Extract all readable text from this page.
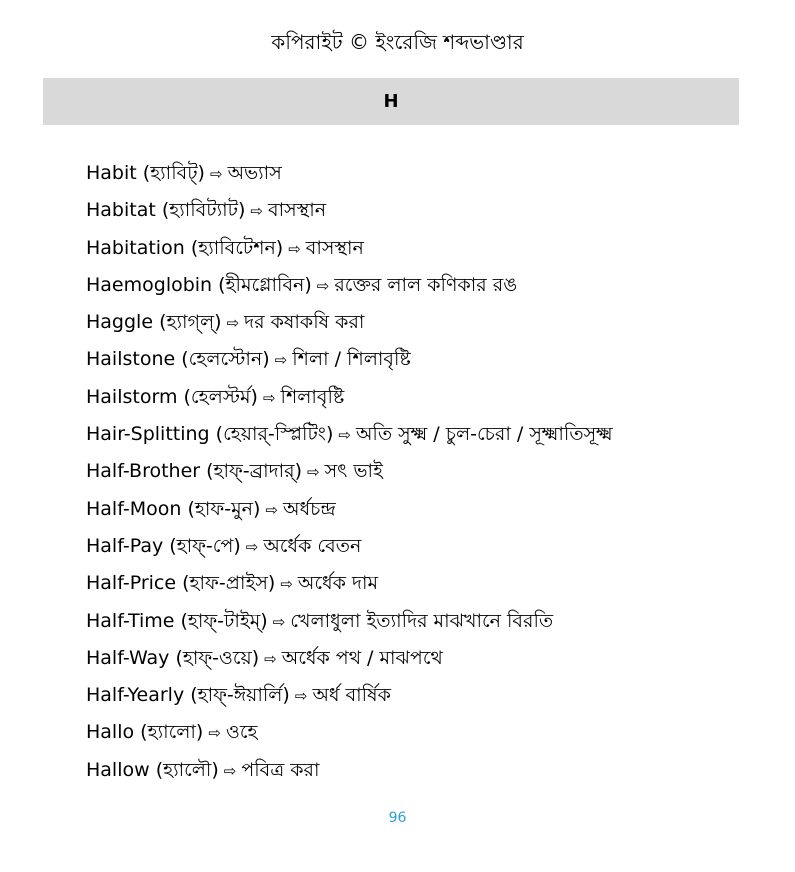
কপিরাইট © ইংরেজি শব্দভাণ্ডার
H
Habit (হ্যাবিট্) ⇨ অভ্যাস
Habitat (হ্যাবিট্যাট) ⇨ বাসস্থান
Habitation (হ্যাবিটেশন) ⇨ বাসস্থান
Haemoglobin (হীমগ্লোবিন) ⇨ রক্তের লাল কণিকার রঙ
Haggle (হ্যাগ্ল্) ⇨ দর কষাকষি করা
Hailstone (হেলস্টোন) ⇨ শিলা / শিলাবৃষ্টি
Hailstorm (হেলস্টর্ম) ⇨ শিলাবৃষ্টি
Hair-Splitting (হেয়ার্-স্প্লিটিং) ⇨ অতি সুক্ষ্ম / চুল-চেরা / সূক্ষ্মাতিসূক্ষ্ম
Half-Brother (হাফ্-ব্রাদার্) ⇨ সৎ ভাই
Half-Moon (হাফ-মুন) ⇨ অর্ধচন্দ্র
Half-Pay (হাফ্-পে) ⇨ অর্ধেক বেতন
Half-Price (হাফ-প্রাইস) ⇨ অর্ধেক দাম
Half-Time (হাফ্-টাইম্) ⇨ খেলাধুলা ইত্যাদির মাঝখানে বিরতি
Half-Way (হাফ্-ওয়ে) ⇨ অর্ধেক পথ / মাঝপথে
Half-Yearly (হাফ্-ঈয়ার্লি) ⇨ অর্ধ বার্ষিক
Hallo (হ্যালো) ⇨ ওহে
Hallow (হ্যালৌ) ⇨ পবিত্র করা
96
